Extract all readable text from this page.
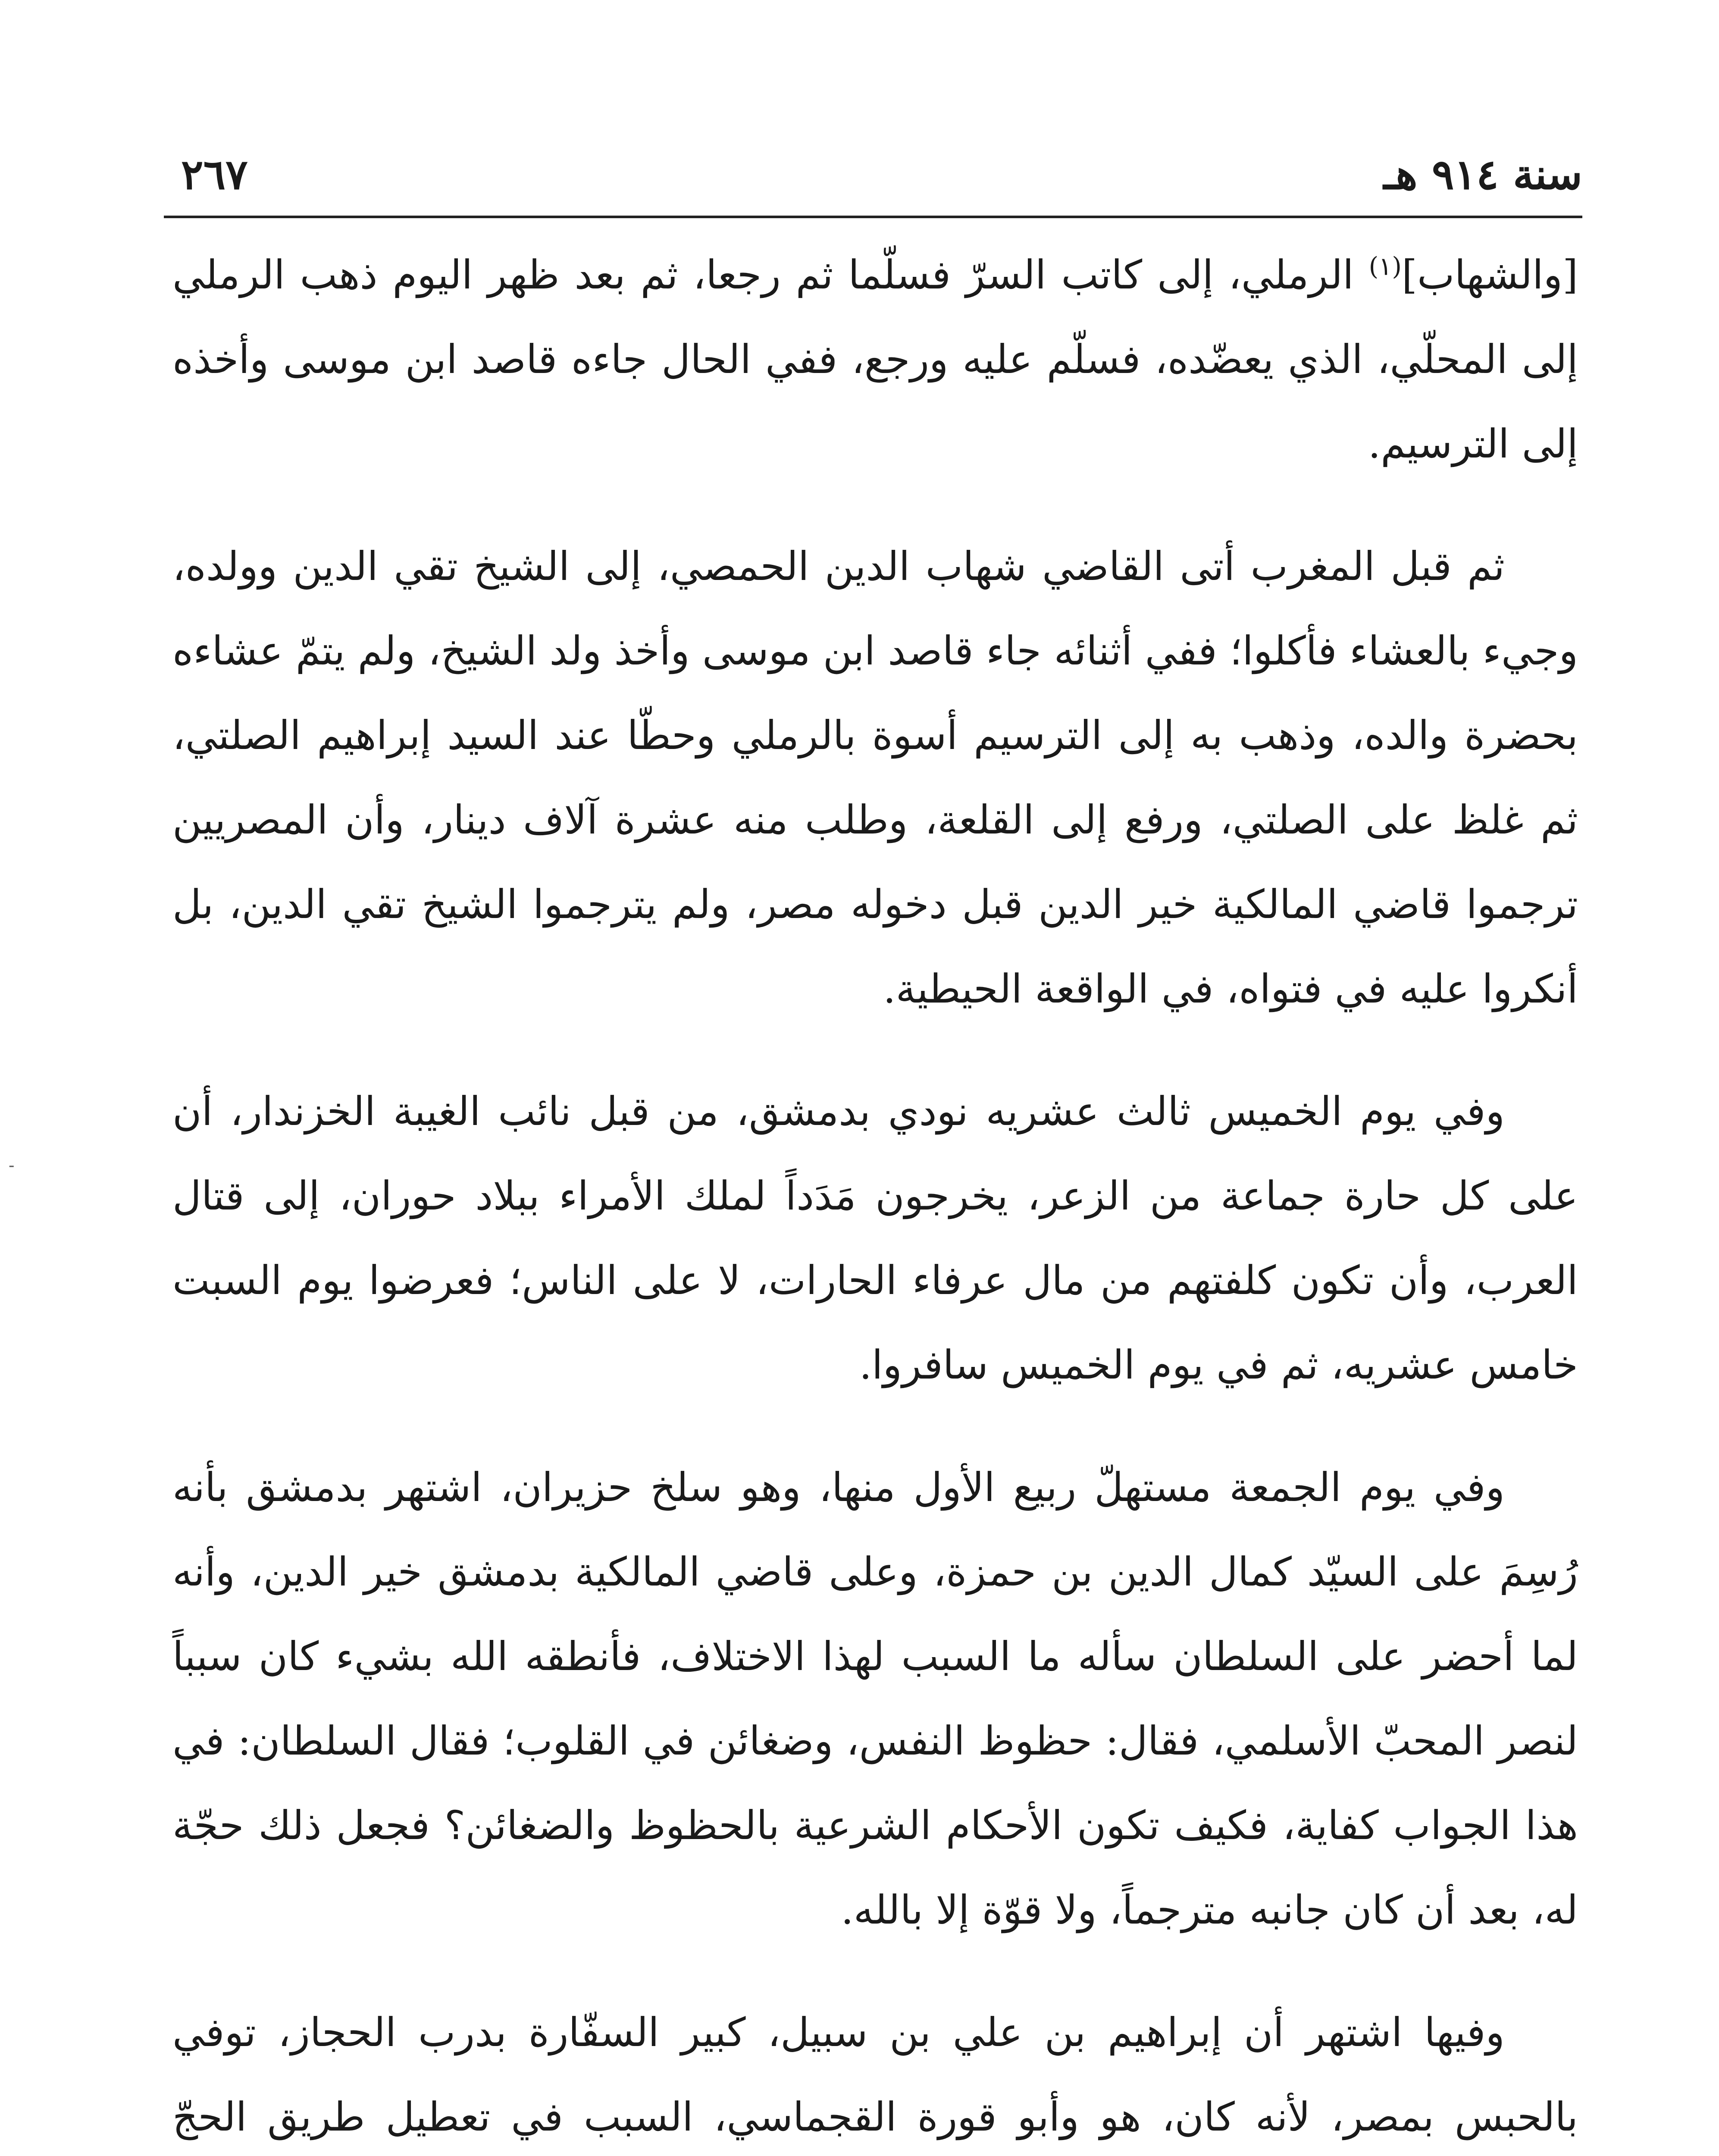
سنة ٩١٤ هـ
٢٦٧

[والشهاب]$^{(١)}$ الرملي، إلى كاتب السرّ فسلّما ثم رجعا، ثم بعد ظهر اليوم ذهب الرملي إلى المحلّي، الذي يعضّده، فسلّم عليه ورجع، ففي الحال جاءه قاصد ابن موسى وأخذه إلى الترسيم.

ثم قبل المغرب أتى القاضي شهاب الدين الحمصي، إلى الشيخ تقي الدين وولده، وجيء بالعشاء فأكلوا؛ ففي أثنائه جاء قاصد ابن موسى وأخذ ولد الشيخ، ولم يتمّ عشاءه بحضرة والده، وذهب به إلى الترسيم أسوة بالرملي وحطّا عند السيد إبراهيم الصلتي، ثم غلظ على الصلتي، ورفع إلى القلعة، وطلب منه عشرة آلاف دينار، وأن المصريين ترجموا قاضي المالكية خير الدين قبل دخوله مصر، ولم يترجموا الشيخ تقي الدين، بل أنكروا عليه في فتواه، في الواقعة الحيطية.

وفي يوم الخميس ثالث عشريه نودي بدمشق، من قبل نائب الغيبة الخزندار، أن على كل حارة جماعة من الزعر، يخرجون مَدَداً لملك الأمراء ببلاد حوران، إلى قتال العرب، وأن تكون كلفتهم من مال عرفاء الحارات، لا على الناس؛ فعرضوا يوم السبت خامس عشريه، ثم في يوم الخميس سافروا.

وفي يوم الجمعة مستهلّ ربيع الأول منها، وهو سلخ حزيران، اشتهر بدمشق بأنه رُسِمَ على السيّد كمال الدين بن حمزة، وعلى قاضي المالكية بدمشق خير الدين، وأنه لما أحضر على السلطان سأله ما السبب لهذا الاختلاف، فأنطقه الله بشيء كان سبباً لنصر المحبّ الأسلمي، فقال: حظوظ النفس، وضغائن في القلوب؛ فقال السلطان: في هذا الجواب كفاية، فكيف تكون الأحكام الشرعية بالحظوظ والضغائن؟ فجعل ذلك حجّة له، بعد أن كان جانبه مترجماً، ولا قوّة إلا بالله.

وفيها اشتهر أن إبراهيم بن علي بن سبيل، كبير السفّارة بدرب الحجاز، توفي بالحبس بمصر، لأنه كان، هو وأبو قورة القجماسي، السبب في تعطيل طريق الحجّ

-
